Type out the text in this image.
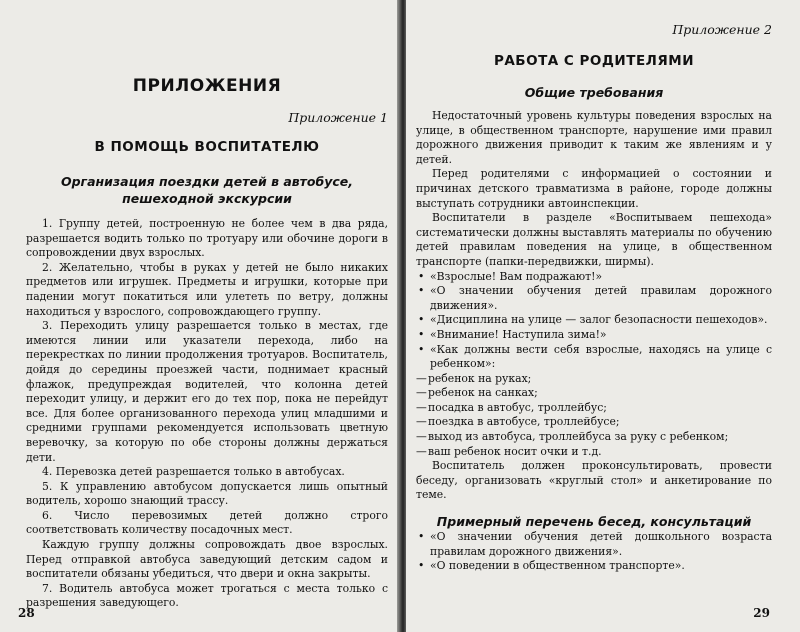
ПРИЛОЖЕНИЯ

Приложение 1

В ПОМОЩЬ ВОСПИТАТЕЛЮ
Организация поездки детей в автобусе, пешеходной экскурсии

1. Группу детей, построенную не более чем в два ряда, разрешается водить только по тротуару или обочине дороги в сопровождении двух взрослых.

2. Желательно, чтобы в руках у детей не было никаких предметов или игрушек. Предметы и игрушки, которые при падении могут покатиться или улететь по ветру, должны находиться у взрослого, сопровождающего группу.

3. Переходить улицу разрешается только в местах, где имеются линии или указатели перехода, либо на перекрестках по линии продолжения тротуаров. Воспитатель, дойдя до середины проезжей части, поднимает красный флажок, предупреждая водителей, что колонна детей переходит улицу, и держит его до тех пор, пока не перейдут все. Для более организованного перехода улиц младшими и средними группами рекомендуется использовать цветную веревочку, за которую по обе стороны должны держаться дети.

4. Перевозка детей разрешается только в автобусах.

5. К управлению автобусом допускается лишь опытный водитель, хорошо знающий трассу.

6. Число перевозимых детей должно строго соответствовать количеству посадочных мест.

Каждую группу должны сопровождать двое взрослых. Перед отправкой автобуса заведующий детским садом и воспитатели обязаны убедиться, что двери и окна закрыты.

7. Водитель автобуса может трогаться с места только с разрешения заведующего.

28

Приложение 2

РАБОТА С РОДИТЕЛЯМИ
Общие требования

Недостаточный уровень культуры поведения взрослых на улице, в общественном транспорте, нарушение ими правил дорожного движения приводит к таким же явлениям и у детей.

Перед родителями с информацией о состоянии и причинах детского травматизма в районе, городе должны выступать сотрудники автоинспекции.

Воспитатели в разделе «Воспитываем пешехода» систематически должны выставлять материалы по обучению детей правилам поведения на улице, в общественном транспорте (папки-передвижки, ширмы).

• «Взрослые! Вам подражают!»
• «О значении обучения детей правилам дорожного движения».
• «Дисциплина на улице — залог безопасности пешеходов».
• «Внимание! Наступила зима!»
• «Как должны вести себя взрослые, находясь на улице с ребенком»:
— ребенок на руках;
— ребенок на санках;
— посадка в автобус, троллейбус;
— поездка в автобусе, троллейбусе;
— выход из автобуса, троллейбуса за руку с ребенком;
— ваш ребенок носит очки и т.д.

Воспитатель должен проконсультировать, провести беседу, организовать «круглый стол» и анкетирование по теме.

Примерный перечень бесед, консультаций
• «О значении обучения детей дошкольного возраста правилам дорожного движения».
• «О поведении в общественном транспорте».
29
